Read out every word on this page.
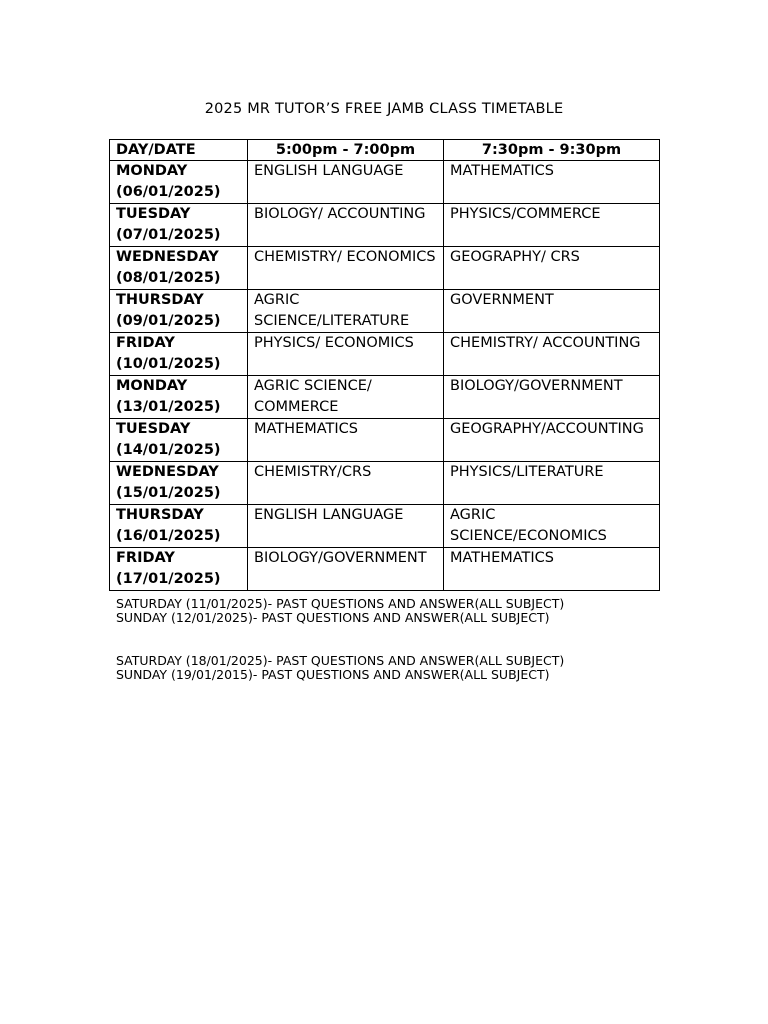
2025 MR TUTOR’S FREE JAMB CLASS TIMETABLE
DAY/DATE	5:00pm - 7:00pm	7:30pm - 9:30pm
MONDAY
(06/01/2025)	ENGLISH LANGUAGE	MATHEMATICS
TUESDAY
(07/01/2025)	BIOLOGY/ ACCOUNTING	PHYSICS/COMMERCE
WEDNESDAY
(08/01/2025)	CHEMISTRY/ ECONOMICS	GEOGRAPHY/ CRS
THURSDAY
(09/01/2025)	AGRIC SCIENCE/LITERATURE	GOVERNMENT
FRIDAY
(10/01/2025)	PHYSICS/ ECONOMICS	CHEMISTRY/ ACCOUNTING
MONDAY
(13/01/2025)	AGRIC SCIENCE/ COMMERCE	BIOLOGY/GOVERNMENT
TUESDAY
(14/01/2025)	MATHEMATICS	GEOGRAPHY/ACCOUNTING
WEDNESDAY
(15/01/2025)	CHEMISTRY/CRS	PHYSICS/LITERATURE
THURSDAY
(16/01/2025)	ENGLISH LANGUAGE	AGRIC SCIENCE/ECONOMICS
FRIDAY
(17/01/2025)	BIOLOGY/GOVERNMENT	MATHEMATICS

SATURDAY (11/01/2025)- PAST QUESTIONS AND ANSWER(ALL SUBJECT)

SUNDAY (12/01/2025)- PAST QUESTIONS AND ANSWER(ALL SUBJECT)

SATURDAY (18/01/2025)- PAST QUESTIONS AND ANSWER(ALL SUBJECT)

SUNDAY (19/01/2015)- PAST QUESTIONS AND ANSWER(ALL SUBJECT)
